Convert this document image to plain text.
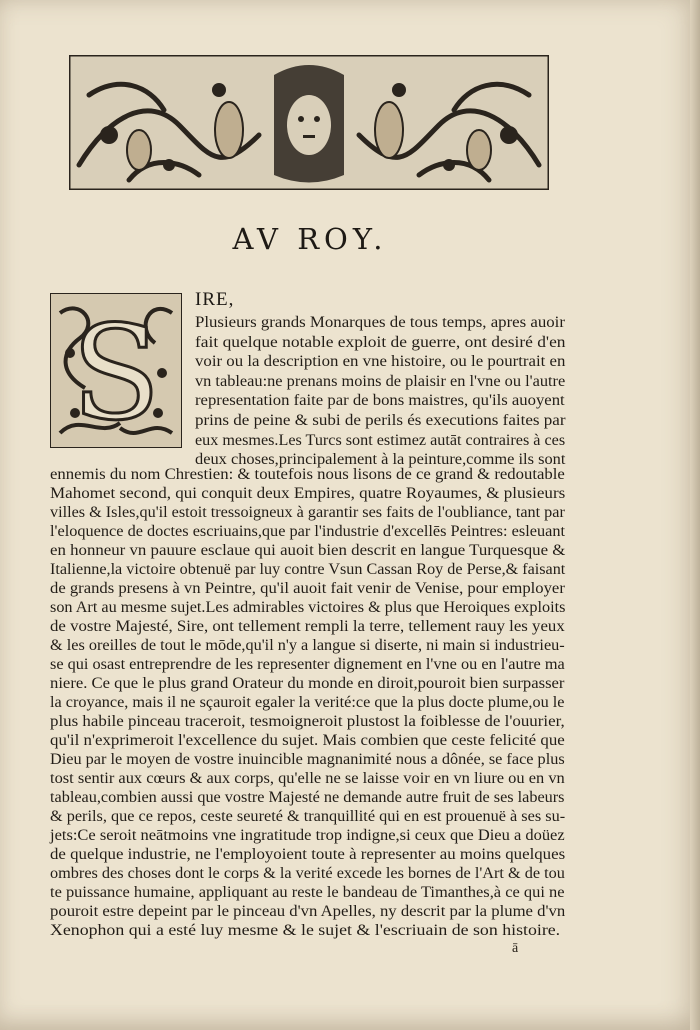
AV ROY.
S IRE,
Plusieurs grands Monarques de tous temps, apres auoir
fait quelque notable exploit de guerre, ont desiré d'en
voir ou la description en vne histoire, ou le pourtrait en
vn tableau:ne prenans moins de plaisir en l'vne ou l'autre
representation faite par de bons maistres, qu'ils auoyent
prins de peine & subi de perils és executions faites par
eux mesmes.Les Turcs sont estimez autāt contraires à ces
deux choses,principalement à la peinture,comme ils sont
ennemis du nom Chrestien: & toutefois nous lisons de ce grand & redoutable
Mahomet second, qui conquit deux Empires, quatre Royaumes, & plusieurs
villes & Isles,qu'il estoit tressoigneux à garantir ses faits de l'oubliance, tant par
l'eloquence de doctes escriuains,que par l'industrie d'excellēs Peintres: esleuant
en honneur vn pauure esclaue qui auoit bien descrit en langue Turquesque &
Italienne,la victoire obtenuë par luy contre Vsun Cassan Roy de Perse,& faisant
de grands presens à vn Peintre, qu'il auoit fait venir de Venise, pour employer
son Art au mesme sujet.Les admirables victoires & plus que Heroiques exploits
de vostre Majesté, Sire, ont tellement rempli la terre, tellement rauy les yeux
& les oreilles de tout le mōde,qu'il n'y a langue si diserte, ni main si industrieu-
se qui osast entreprendre de les representer dignement en l'vne ou en l'autre ma
niere. Ce que le plus grand Orateur du monde en diroit,pouroit bien surpasser
la croyance, mais il ne sçauroit egaler la verité:ce que la plus docte plume,ou le
plus habile pinceau traceroit, tesmoigneroit plustost la foiblesse de l'ouurier,
qu'il n'exprimeroit l'excellence du sujet. Mais combien que ceste felicité que
Dieu par le moyen de vostre inuincible magnanimité nous a dônée, se face plus
tost sentir aux cœurs & aux corps, qu'elle ne se laisse voir en vn liure ou en vn
tableau,combien aussi que vostre Majesté ne demande autre fruit de ses labeurs
& perils, que ce repos, ceste seureté & tranquillité qui en est prouenuë à ses su-
jets:Ce seroit neātmoins vne ingratitude trop indigne,si ceux que Dieu a doüez
de quelque industrie, ne l'employoient toute à representer au moins quelques
ombres des choses dont le corps & la verité excede les bornes de l'Art & de tou
te puissance humaine, appliquant au reste le bandeau de Timanthes,à ce qui ne
pouroit estre depeint par le pinceau d'vn Apelles, ny descrit par la plume d'vn
Xenophon qui a esté luy mesme & le sujet & l'escriuain de son histoire.
ā
